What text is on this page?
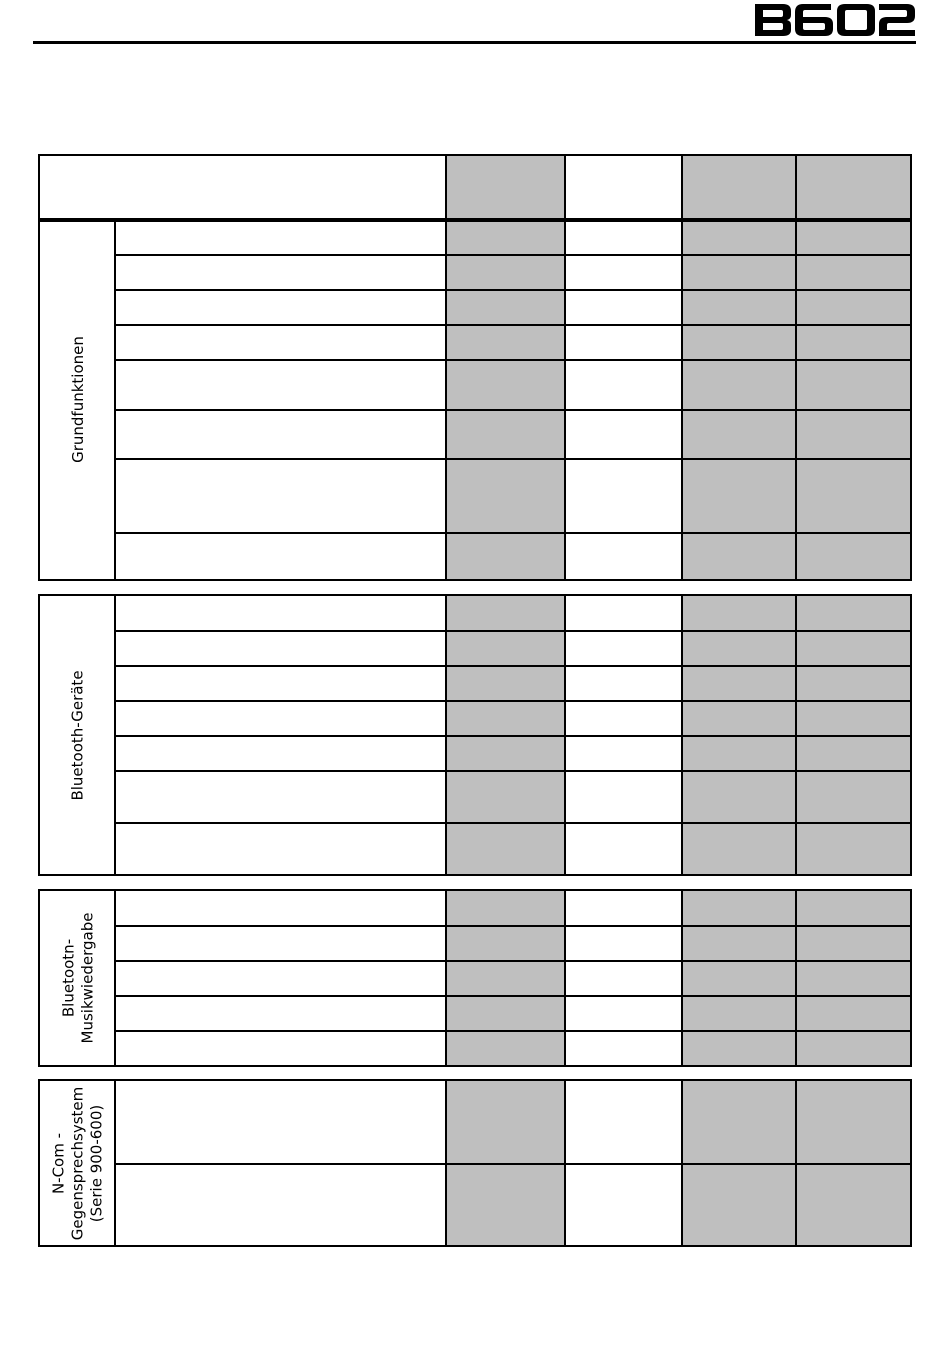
Grundfunktionen
Bluetooth-Geräte
Bluetootn- Musikwiedergabe
N-Com - Gegensprechsystem (Serie 900-600)
